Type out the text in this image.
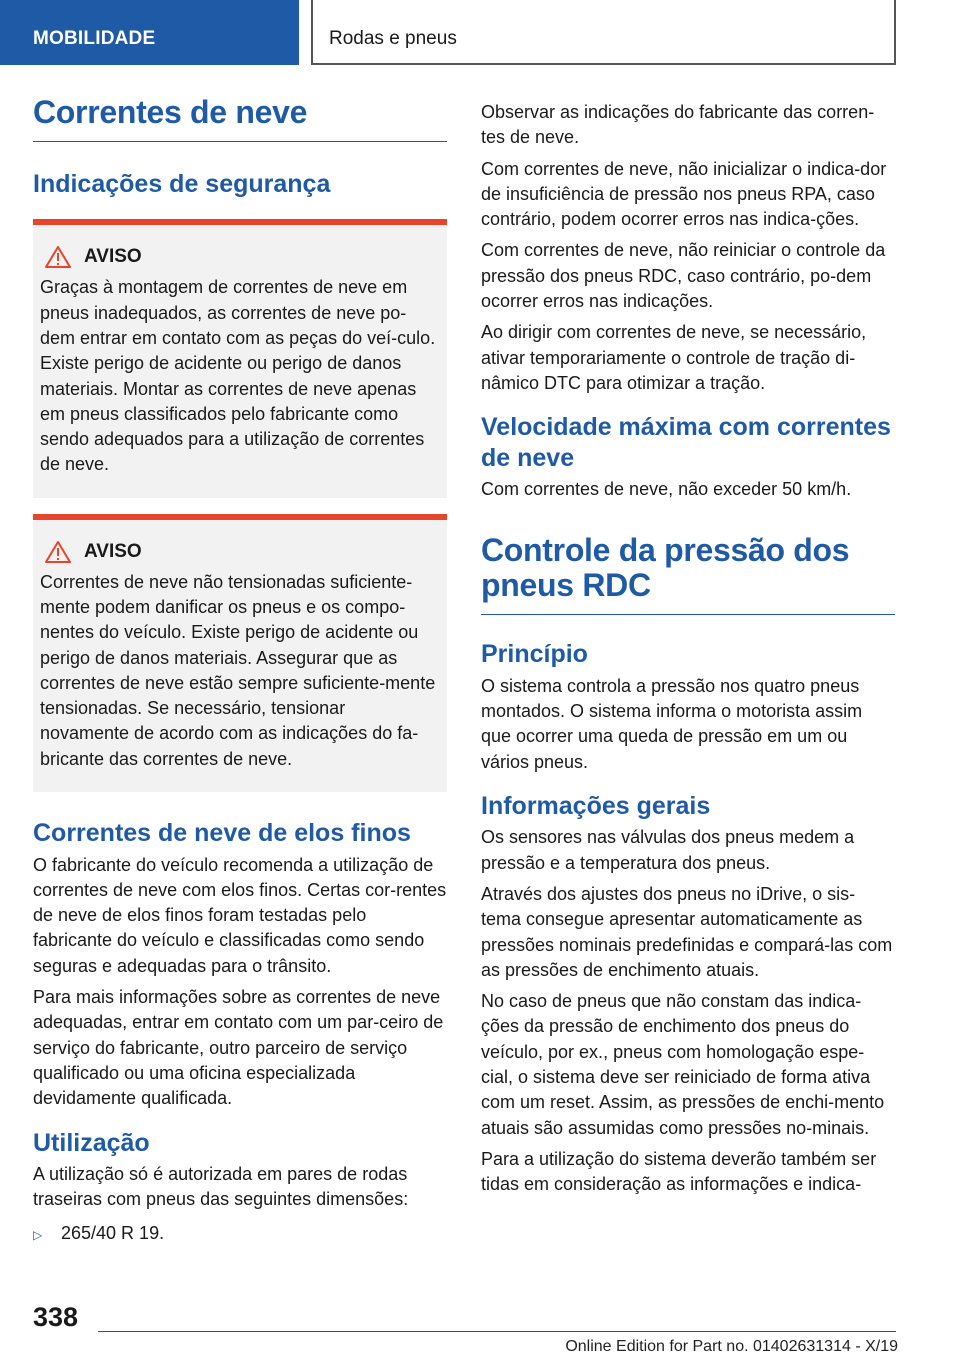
MOBILIDADE	Rodas e pneus
Correntes de neve
Indicações de segurança
AVISO

Graças à montagem de correntes de neve em pneus inadequados, as correntes de neve po-dem entrar em contato com as peças do veí-culo. Existe perigo de acidente ou perigo de danos materiais. Montar as correntes de neve apenas em pneus classificados pelo fabricante como sendo adequados para a utilização de correntes de neve.

AVISO

Correntes de neve não tensionadas suficiente-mente podem danificar os pneus e os compo-nentes do veículo. Existe perigo de acidente ou perigo de danos materiais. Assegurar que as correntes de neve estão sempre suficiente-mente tensionadas. Se necessário, tensionar novamente de acordo com as indicações do fa-bricante das correntes de neve.

Correntes de neve de elos finos

O fabricante do veículo recomenda a utilização de correntes de neve com elos finos. Certas cor-rentes de neve de elos finos foram testadas pelo fabricante do veículo e classificadas como sendo seguras e adequadas para o trânsito.

Para mais informações sobre as correntes de neve adequadas, entrar em contato com um par-ceiro de serviço do fabricante, outro parceiro de serviço qualificado ou uma oficina especializada devidamente qualificada.

Utilização

A utilização só é autorizada em pares de rodas traseiras com pneus das seguintes dimensões:

▷	265/40 R 19.

Observar as indicações do fabricante das corren-tes de neve.

Com correntes de neve, não inicializar o indica-dor de insuficiência de pressão nos pneus RPA, caso contrário, podem ocorrer erros nas indica-ções.

Com correntes de neve, não reiniciar o controle da pressão dos pneus RDC, caso contrário, po-dem ocorrer erros nas indicações.

Ao dirigir com correntes de neve, se necessário, ativar temporariamente o controle de tração di-nâmico DTC para otimizar a tração.

Velocidade máxima com correntes de neve

Com correntes de neve, não exceder 50 km/h.

Controle da pressão dos pneus RDC
Princípio

O sistema controla a pressão nos quatro pneus montados. O sistema informa o motorista assim que ocorrer uma queda de pressão em um ou vários pneus.

Informações gerais

Os sensores nas válvulas dos pneus medem a pressão e a temperatura dos pneus.

Através dos ajustes dos pneus no iDrive, o sis-tema consegue apresentar automaticamente as pressões nominais predefinidas e compará-las com as pressões de enchimento atuais.

No caso de pneus que não constam das indica-ções da pressão de enchimento dos pneus do veículo, por ex., pneus com homologação espe-cial, o sistema deve ser reiniciado de forma ativa com um reset. Assim, as pressões de enchi-mento atuais são assumidas como pressões no-minais.

Para a utilização do sistema deverão também ser tidas em consideração as informações e indica-

338
Online Edition for Part no. 01402631314 - X/19
